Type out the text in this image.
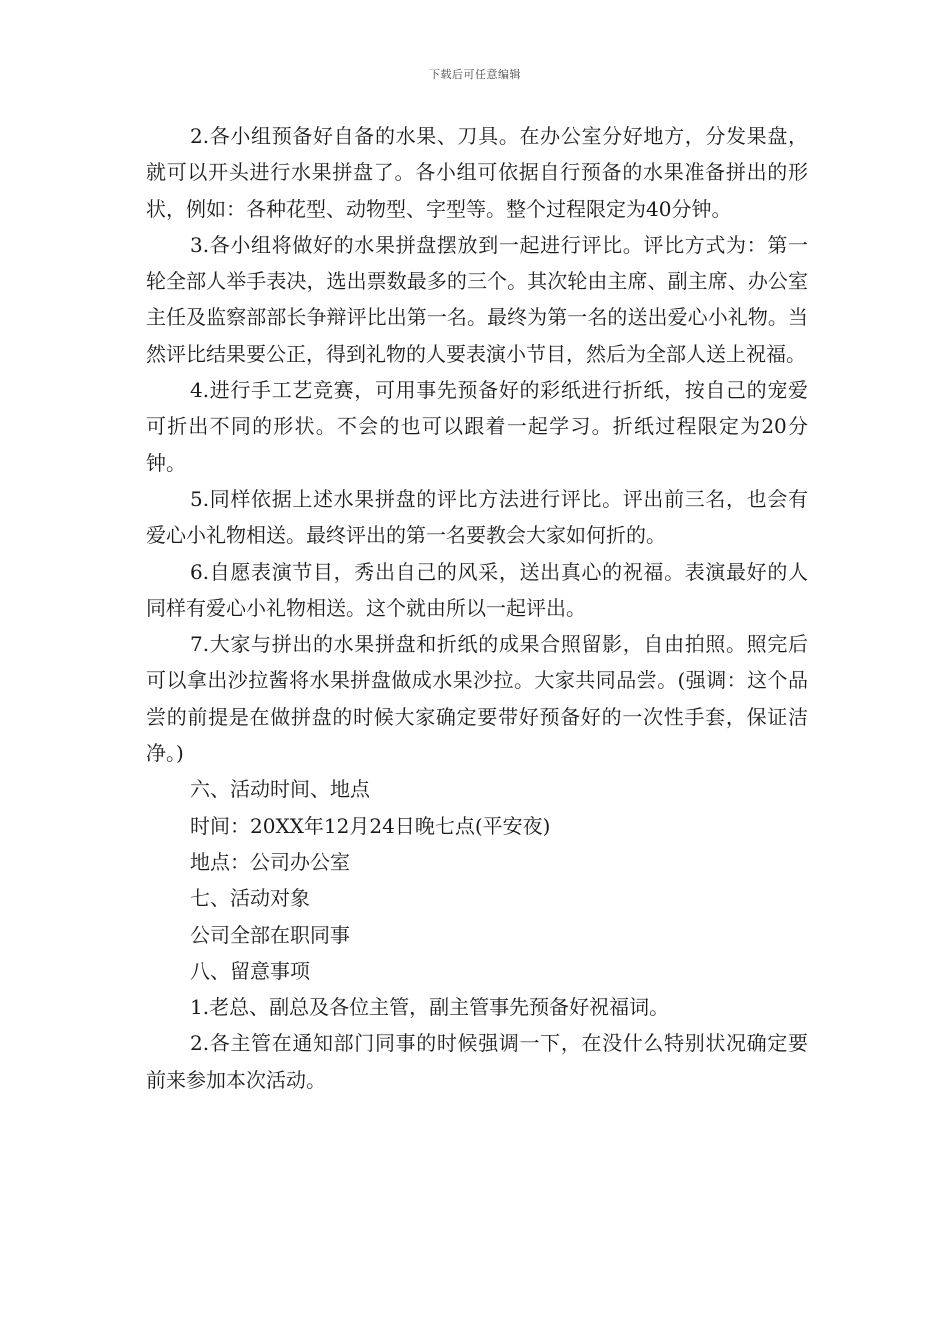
下载后可任意编辑

2.各小组预备好自备的水果、刀具。在办公室分好地方，分发果盘，就可以开头进行水果拼盘了。各小组可依据自行预备的水果准备拼出的形状，例如：各种花型、动物型、字型等。整个过程限定为40分钟。

3.各小组将做好的水果拼盘摆放到一起进行评比。评比方式为：第一轮全部人举手表决，选出票数最多的三个。其次轮由主席、副主席、办公室主任及监察部部长争辩评比出第一名。最终为第一名的送出爱心小礼物。当然评比结果要公正，得到礼物的人要表演小节目，然后为全部人送上祝福。

4.进行手工艺竞赛，可用事先预备好的彩纸进行折纸，按自己的宠爱可折出不同的形状。不会的也可以跟着一起学习。折纸过程限定为20分钟。

5.同样依据上述水果拼盘的评比方法进行评比。评出前三名，也会有爱心小礼物相送。最终评出的第一名要教会大家如何折的。

6.自愿表演节目，秀出自己的风采，送出真心的祝福。表演最好的人同样有爱心小礼物相送。这个就由所以一起评出。

7.大家与拼出的水果拼盘和折纸的成果合照留影，自由拍照。照完后可以拿出沙拉酱将水果拼盘做成水果沙拉。大家共同品尝。(强调：这个品尝的前提是在做拼盘的时候大家确定要带好预备好的一次性手套，保证洁净。)

六、活动时间、地点

时间：20XX年12月24日晚七点(平安夜)

地点：公司办公室

七、活动对象

公司全部在职同事

八、留意事项

1.老总、副总及各位主管，副主管事先预备好祝福词。

2.各主管在通知部门同事的时候强调一下，在没什么特别状况确定要前来参加本次活动。
